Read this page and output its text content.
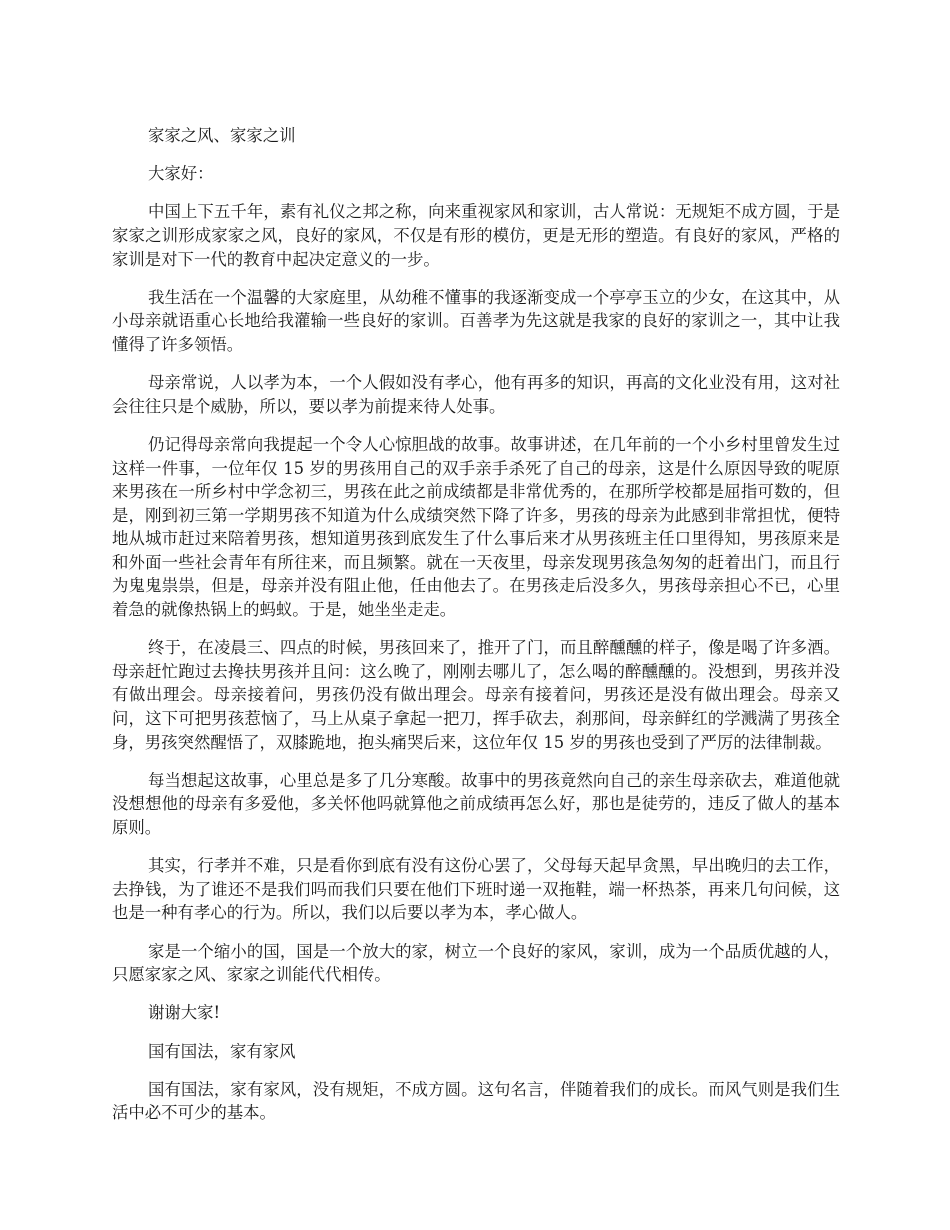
家家之风、家家之训

大家好：

中国上下五千年，素有礼仪之邦之称，向来重视家风和家训，古人常说：无规矩不成方圆，于是家家之训形成家家之风，良好的家风，不仅是有形的模仿，更是无形的塑造。有良好的家风，严格的家训是对下一代的教育中起决定意义的一步。

我生活在一个温馨的大家庭里，从幼稚不懂事的我逐渐变成一个亭亭玉立的少女，在这其中，从小母亲就语重心长地给我灌输一些良好的家训。百善孝为先这就是我家的良好的家训之一，其中让我懂得了许多领悟。

母亲常说，人以孝为本，一个人假如没有孝心，他有再多的知识，再高的文化业没有用，这对社会往往只是个威胁，所以，要以孝为前提来待人处事。

仍记得母亲常向我提起一个令人心惊胆战的故事。故事讲述，在几年前的一个小乡村里曾发生过这样一件事，一位年仅 15 岁的男孩用自己的双手亲手杀死了自己的母亲，这是什么原因导致的呢原来男孩在一所乡村中学念初三，男孩在此之前成绩都是非常优秀的，在那所学校都是屈指可数的，但是，刚到初三第一学期男孩不知道为什么成绩突然下降了许多，男孩的母亲为此感到非常担忧，便特地从城市赶过来陪着男孩，想知道男孩到底发生了什么事后来才从男孩班主任口里得知，男孩原来是和外面一些社会青年有所往来，而且频繁。就在一天夜里，母亲发现男孩急匆匆的赶着出门，而且行为鬼鬼祟祟，但是，母亲并没有阻止他，任由他去了。在男孩走后没多久，男孩母亲担心不已，心里着急的就像热锅上的蚂蚁。于是，她坐坐走走。

终于，在凌晨三、四点的时候，男孩回来了，推开了门，而且醉醺醺的样子，像是喝了许多酒。母亲赶忙跑过去搀扶男孩并且问：这么晚了，刚刚去哪儿了，怎么喝的醉醺醺的。没想到，男孩并没有做出理会。母亲接着问，男孩仍没有做出理会。母亲有接着问，男孩还是没有做出理会。母亲又问，这下可把男孩惹恼了，马上从桌子拿起一把刀，挥手砍去，刹那间，母亲鲜红的学溅满了男孩全身，男孩突然醒悟了，双膝跪地，抱头痛哭后来，这位年仅 15 岁的男孩也受到了严厉的法律制裁。

每当想起这故事，心里总是多了几分寒酸。故事中的男孩竟然向自己的亲生母亲砍去，难道他就没想想他的母亲有多爱他，多关怀他吗就算他之前成绩再怎么好，那也是徒劳的，违反了做人的基本原则。

其实，行孝并不难，只是看你到底有没有这份心罢了，父母每天起早贪黑，早出晚归的去工作，去挣钱，为了谁还不是我们吗而我们只要在他们下班时递一双拖鞋，端一杯热茶，再来几句问候，这也是一种有孝心的行为。所以，我们以后要以孝为本，孝心做人。

家是一个缩小的国，国是一个放大的家，树立一个良好的家风，家训，成为一个品质优越的人，只愿家家之风、家家之训能代代相传。

谢谢大家!

国有国法，家有家风

国有国法，家有家风，没有规矩，不成方圆。这句名言，伴随着我们的成长。而风气则是我们生活中必不可少的基本。
